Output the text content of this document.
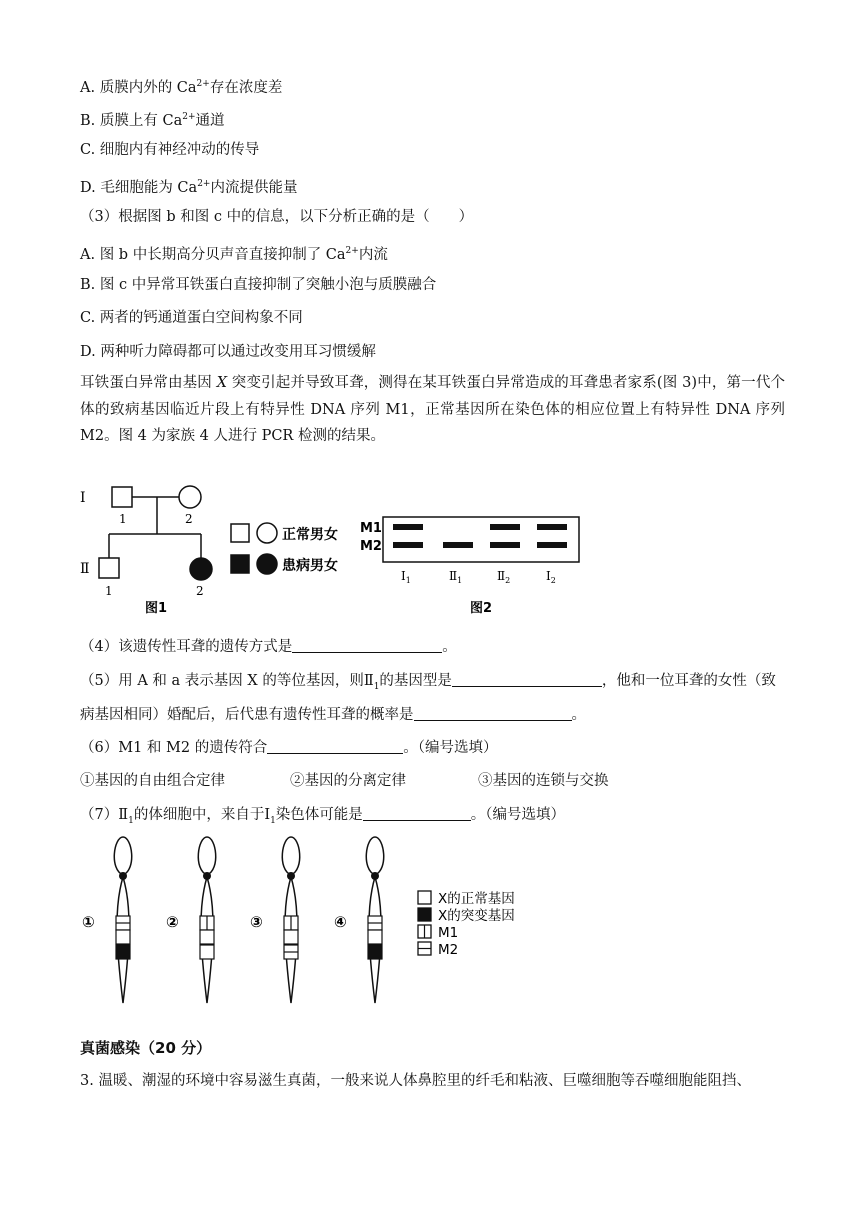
A. 质膜内外的 $Ca^{2+}$存在浓度差
B. 质膜上有 $Ca^{2+}$通道
C. 细胞内有神经冲动的传导
D. 毛细胞能为 $Ca^{2+}$内流提供能量
（3）根据图 b 和图 c 中的信息，以下分析正确的是（　　）
A. 图 b 中长期高分贝声音直接抑制了 $Ca^{2+}$内流
B. 图 c 中异常耳铁蛋白直接抑制了突触小泡与质膜融合
C. 两者的钙通道蛋白空间构象不同
D. 两种听力障碍都可以通过改变用耳习惯缓解
耳铁蛋白异常由基因 X 突变引起并导致耳聋，测得在某耳铁蛋白异常造成的耳聋患者家系(图 3)中，第一代个体的致病基因临近片段上有特异性 DNA 序列 M1，正常基因所在染色体的相应位置上有特异性 DNA 序列 M2。图 4 为家族 4 人进行 PCR 检测的结果。
Ⅰ
1	2
Ⅱ
1	2
正常男女
患病男女
图1
M1
M2
$Ⅰ_1$	$Ⅱ_1$	$Ⅱ_2$	$Ⅰ_2$
图2
（4）该遗传性耳聋的遗传方式是	。
（5）用 A 和 a 表示基因 X 的等位基因，则$Ⅱ_1$的基因型是	，他和一位耳聋的女性（致
病基因相同）婚配后，后代患有遗传性耳聋的概率是	。
（6）M1 和 M2 的遗传符合	。（编号选填）
①基因的自由组合定律	②基因的分离定律	③基因的连锁与交换
$(7)Ⅱ_1$的体细胞中，来自于$Ⅰ_1$染色体可能是	。（编号选填）
①	②	③	④
X的正常基因
X的突变基因
M1
M2
真菌感染（20 分）
3. 温暖、潮湿的环境中容易滋生真菌，一般来说人体鼻腔里的纤毛和粘液、巨噬细胞等吞噬细胞能阻挡、
